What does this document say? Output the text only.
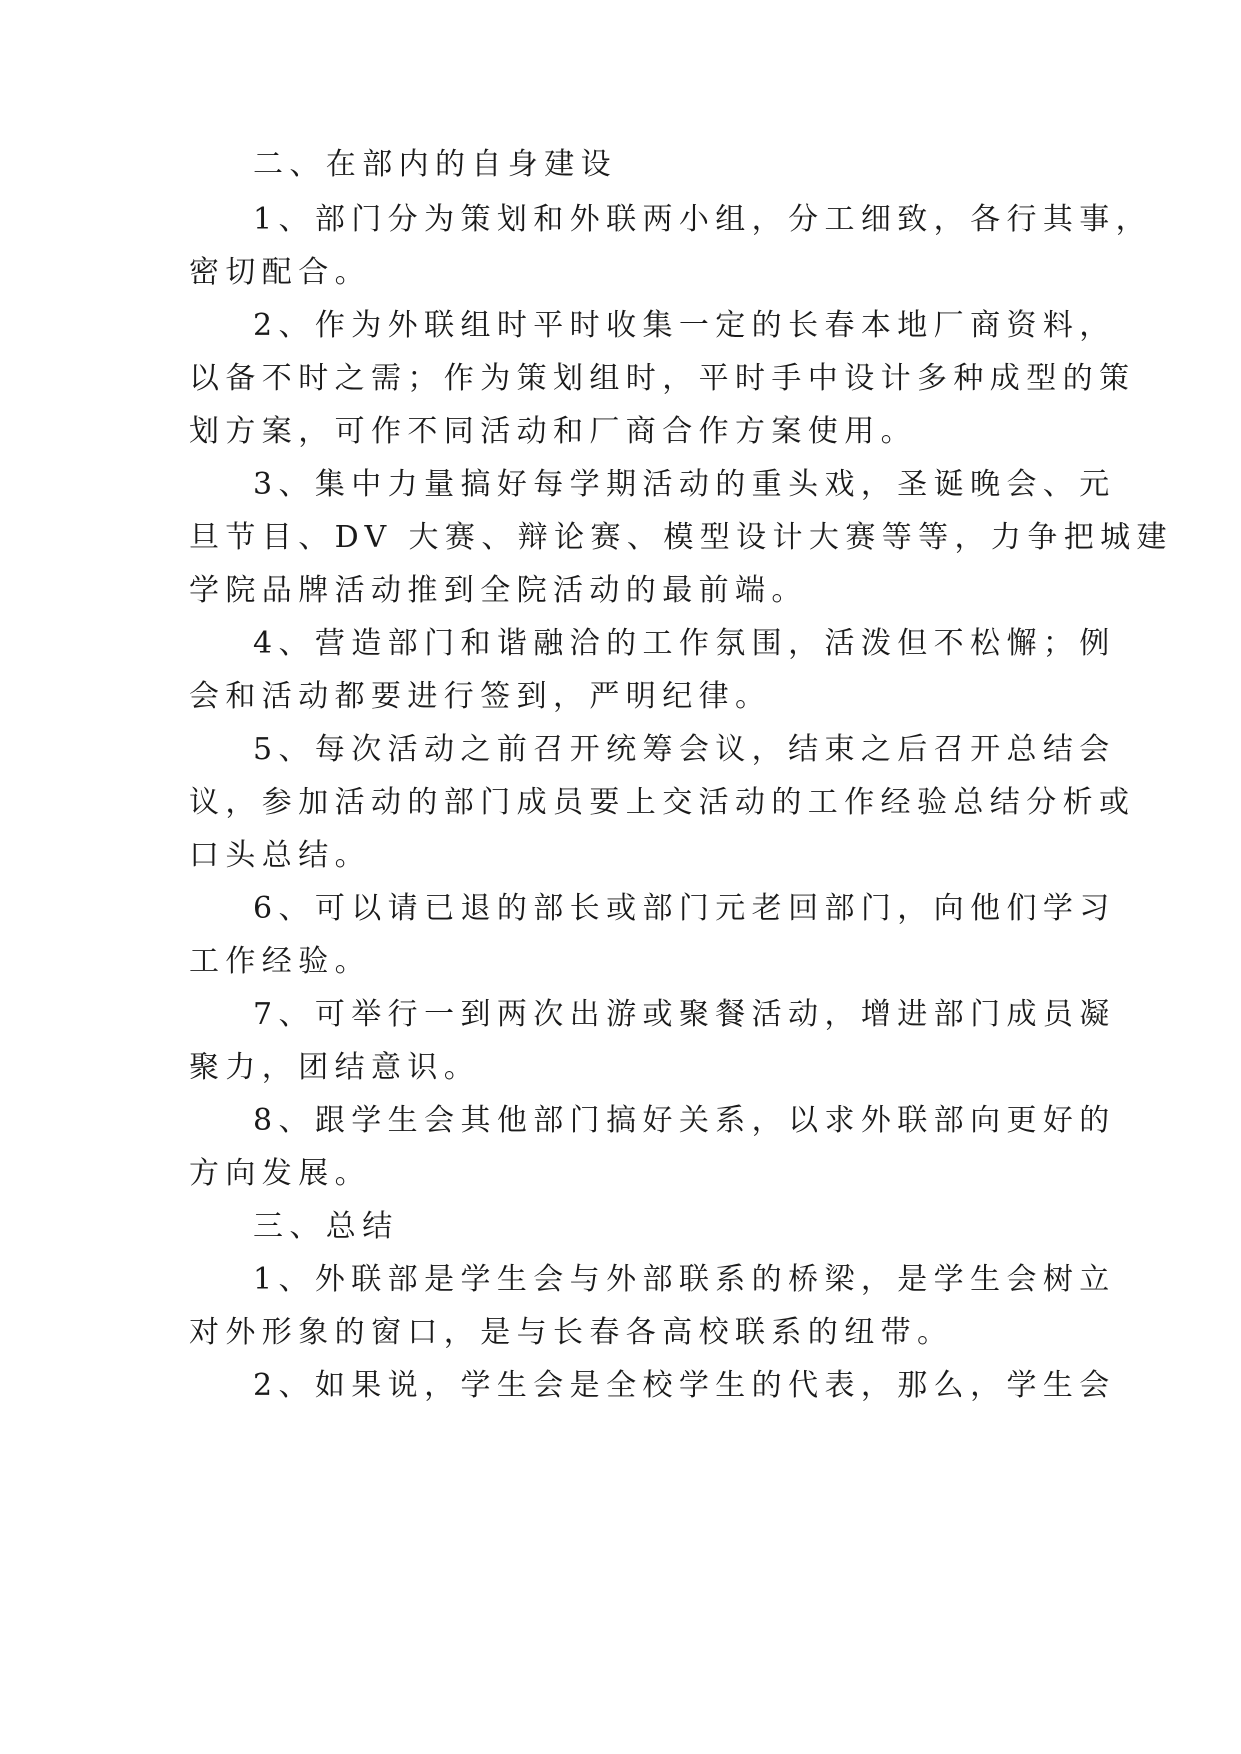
二、在部内的自身建设
1、部门分为策划和外联两小组，分工细致，各行其事，
密切配合。
2、作为外联组时平时收集一定的长春本地厂商资料，
以备不时之需；作为策划组时，平时手中设计多种成型的策
划方案，可作不同活动和厂商合作方案使用。
3、集中力量搞好每学期活动的重头戏，圣诞晚会、元
旦节目、DV 大赛、辩论赛、模型设计大赛等等，力争把城建
学院品牌活动推到全院活动的最前端。
4、营造部门和谐融洽的工作氛围，活泼但不松懈；例
会和活动都要进行签到，严明纪律。
5、每次活动之前召开统筹会议，结束之后召开总结会
议，参加活动的部门成员要上交活动的工作经验总结分析或
口头总结。
6、可以请已退的部长或部门元老回部门，向他们学习
工作经验。
7、可举行一到两次出游或聚餐活动，增进部门成员凝
聚力，团结意识。
8、跟学生会其他部门搞好关系，以求外联部向更好的
方向发展。
三、总结
1、外联部是学生会与外部联系的桥梁，是学生会树立
对外形象的窗口，是与长春各高校联系的纽带。
2、如果说，学生会是全校学生的代表，那么，学生会
